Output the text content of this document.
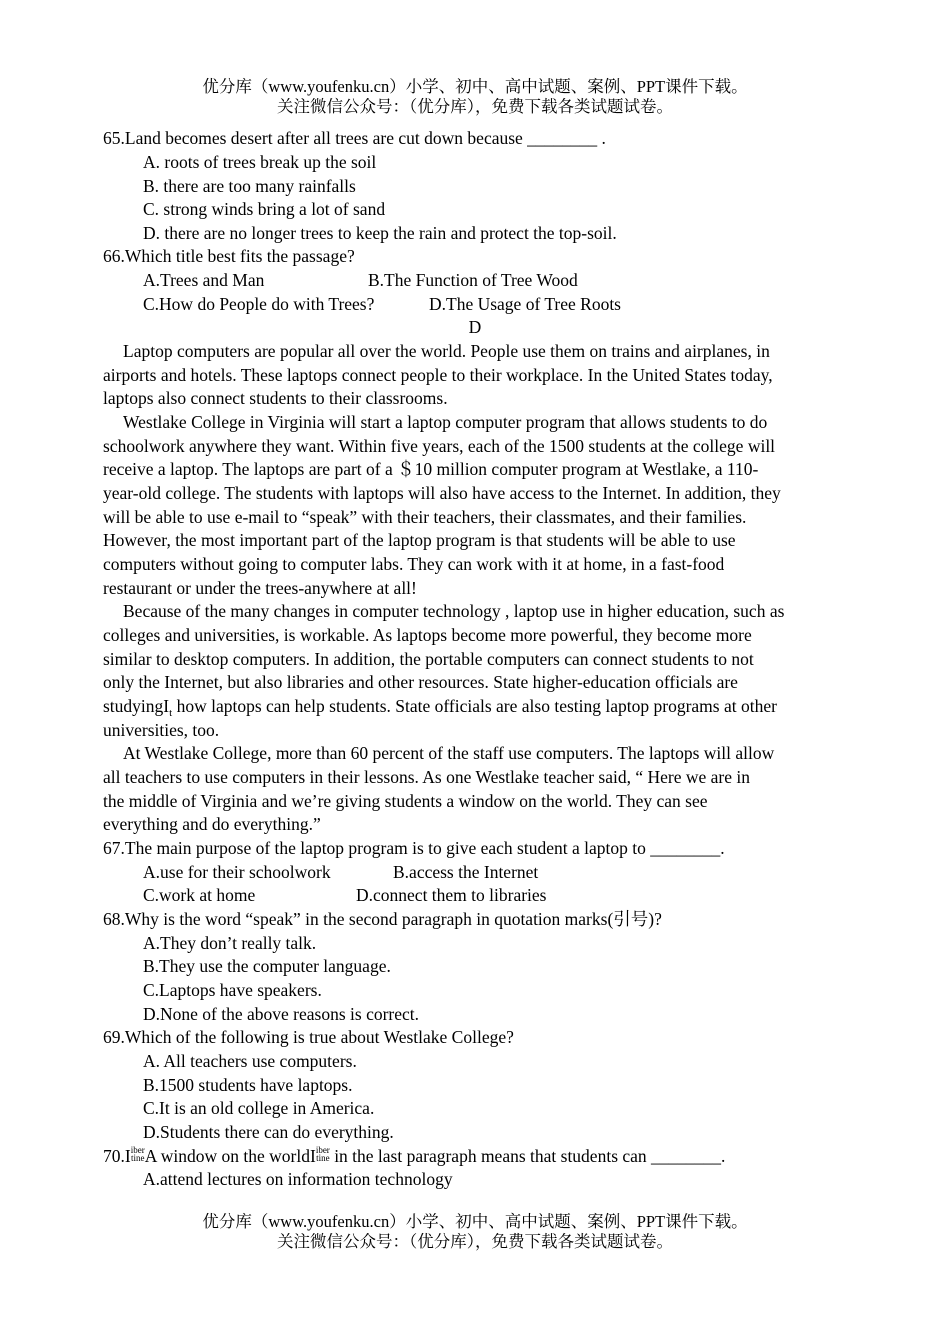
优分库（www.youfenku.cn）小学、初中、高中试题、案例、PPT课件下载。
关注微信公众号：（优分库），免费下载各类试题试卷。
65.Land becomes desert after all trees are cut down because ________ .
A. roots of trees break up the soil
B. there are too many rainfalls
C. strong winds bring a lot of sand
D. there are no longer trees to keep the rain and protect the top-soil.
66.Which title best fits the passage?
A.Trees and Man	B.The Function of Tree Wood
C.How do People do with Trees?	D.The Usage of Tree Roots
D
Laptop computers are popular all over the world. People use them on trains and airplanes, in
airports and hotels. These laptops connect people to their workplace. In the United States today,
laptops also connect students to their classrooms.
Westlake College in Virginia will start a laptop computer program that allows students to do
schoolwork anywhere they want. Within five years, each of the 1500 students at the college will
receive a laptop. The laptops are part of a ＄10 million computer program at Westlake, a 110-
year-old college. The students with laptops will also have access to the Internet. In addition, they
will be able to use e-mail to “speak” with their teachers, their classmates, and their families.
However, the most important part of the laptop program is that students will be able to use
computers without going to computer labs. They can work with it at home, in a fast-food
restaurant or under the trees-anywhere at all!
Because of the many changes in computer technology , laptop use in higher education, such as
colleges and universities, is workable. As laptops become more powerful, they become more
similar to desktop computers. In addition, the portable computers can connect students to not
only the Internet, but also libraries and other resources. State higher-education officials are
studyingI$_t$ how laptops can help students. State officials are also testing laptop programs at other
universities, too.
At Westlake College, more than 60 percent of the staff use computers. The laptops will allow
all teachers to use computers in their lessons. As one Westlake teacher said, “ Here we are in
the middle of Virginia and we’re giving students a window on the world. They can see
everything and do everything.”
67.The main purpose of the laptop program is to give each student a laptop to ________.
A.use for their schoolwork	B.access the Internet
C.work at home	D.connect them to libraries
68.Why is the word “speak” in the second paragraph in quotation marks(引号)?
A.They don’t really talk.
B.They use the computer language.
C.Laptops have speakers.
D.None of the above reasons is correct.
69.Which of the following is true about Westlake College?
A. All teachers use computers.
B.1500 students have laptops.
C.It is an old college in America.
D.Students there can do everything.
70.I iber
tine A window on the worldI iber
tine in the last paragraph means that students can ________.
A.attend lectures on information technology
优分库（www.youfenku.cn）小学、初中、高中试题、案例、PPT课件下载。
关注微信公众号：（优分库），免费下载各类试题试卷。
